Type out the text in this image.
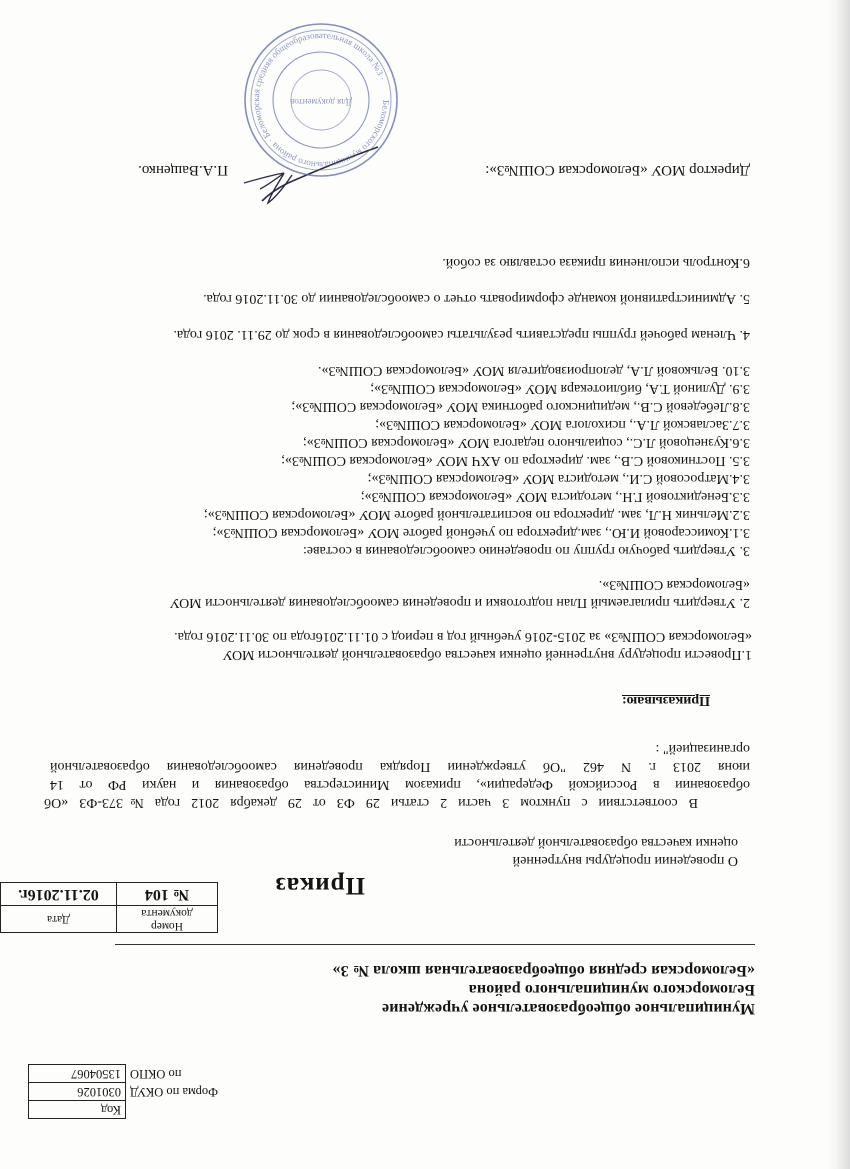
	Код
Форма по ОКУД	0301026
по ОКПО	13504067
Муниципальное общеобразовательное учреждение
Беломорского муниципального района
«Беломорская средняя общеобразовательная школа № 3»
Номер
документа	Дата
№ 104	02.11.2016г.	Приказ
О проведении процедуры внутренней
оценки качества образовательной деятельности
В соответствии с пунктом 3 части 2 статьи 29 ФЗ от 29 декабря 2012 года №373-ФЗ «Об
образовании в Российской Федерации», приказом Министерства образования и науки РФ от 14
июня 2013 г. N 462 "Об утверждении Порядка проведения самообследования образовательной
организацией" :
Приказываю:
1.Провести процедуру внутренней оценки качества образовательной деятельности МОУ
«Беломорская СОШ№3» за 2015-2016 учебный год в период с 01.11.2016года по 30.11.2016 года.
2. Утвердить прилагаемый План подготовки и проведения самообследования деятельности МОУ
«Беломорская СОШ№3».
3. Утвердить рабочую группу по проведению самообследования в составе:
3.1.Комиссаровой И.Ю., зам.директора по учебной работе МОУ «Беломорская СОШ№3»;
3.2.Мельник Н.Л, зам. директора по воспитательной работе МОУ «Беломорская СОШ№3»;
3.3.Бенедиктовой Г.Н., методиста МОУ «Беломорская СОШ№3»;
3.4.Матросовой С.И., методиста МОУ «Беломорская СОШ№3»;
3.5. Постниковой С.В., зам. директора по АХЧ МОУ «Беломорская СОШ№3»;
3.6.Кузнецовой Л.С., социального педагога МОУ «Беломорская СОШ№3»;
3.7.Заславской Л.А., психолога МОУ «Беломорская СОШ№3»;
3.8.Лебедевой С.В., медицинского работника МОУ «Беломорская СОШ№3»;
3.9. Дулиной Т.А, библиотекаря МОУ «Беломорская СОШ№3»;
3.10. Бельковой Л.А, делопроизводителя МОУ «Беломорская СОШ№3».
4. Членам рабочей группы представить результаты самообследования в срок до 29.11. 2016 года.
5. Административной команде сформировать отчет о самообследовании до 30.11.2016 года.
6.Контроль исполнения приказа оставляю за собой.
Директор МОУ «Беломорская СОШ№3»:
П.А.Ващенко.
Беломорского муниципального района · Беломорская средняя общеобразовательная школа №3 ·
Для документов
